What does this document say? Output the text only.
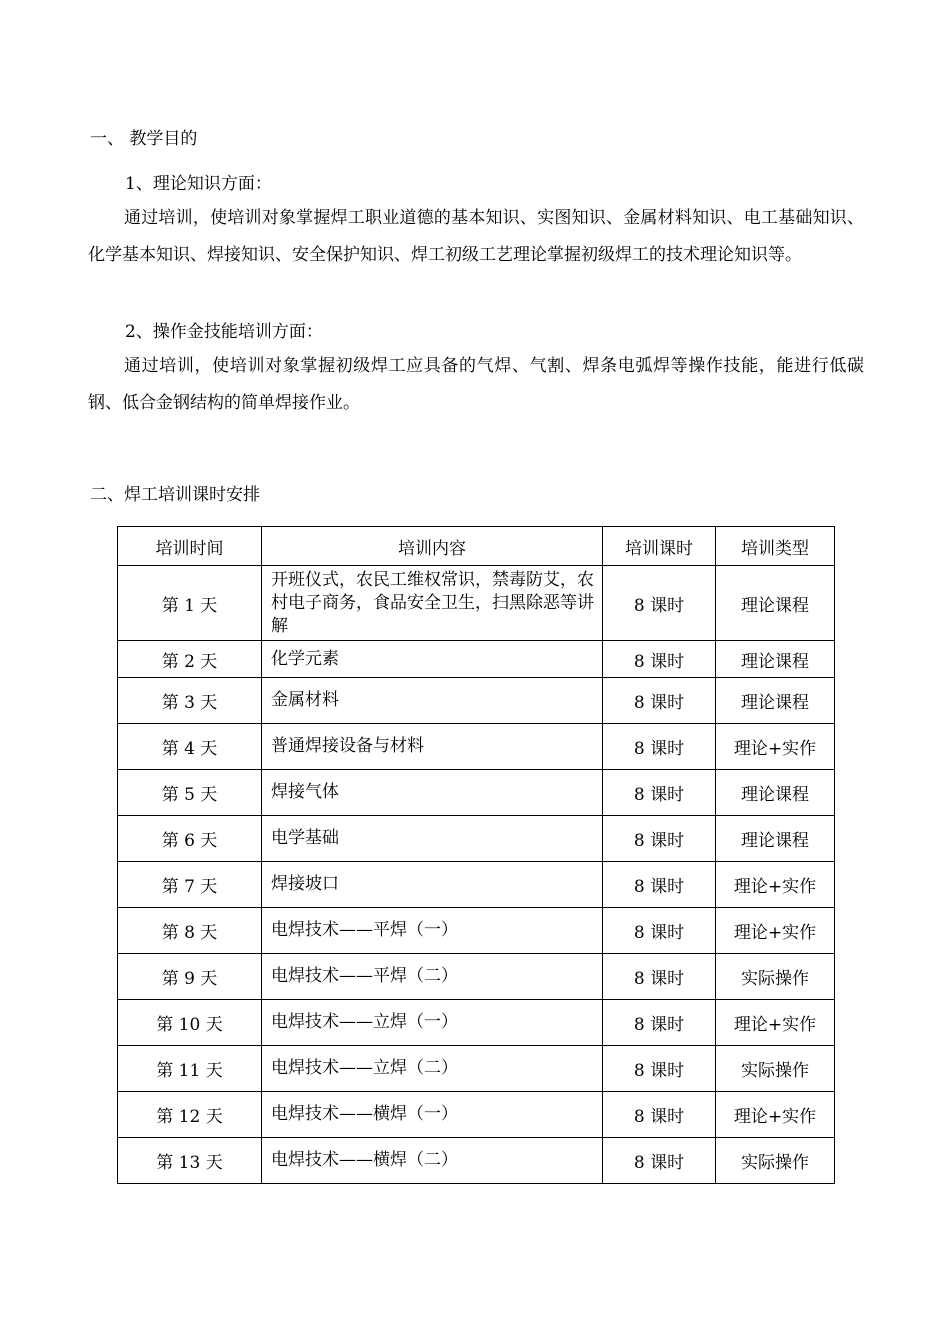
一、 教学目的
1、理论知识方面：
通过培训，使培训对象掌握焊工职业道德的基本知识、实图知识、金属材料知识、电工基础知识、化学基本知识、焊接知识、安全保护知识、焊工初级工艺理论掌握初级焊工的技术理论知识等。
2、操作金技能培训方面：
通过培训，使培训对象掌握初级焊工应具备的气焊、气割、焊条电弧焊等操作技能，能进行低碳钢、低合金钢结构的简单焊接作业。
二、焊工培训课时安排
培训时间	培训内容	培训课时	培训类型
第 1 天	开班仪式，农民工维权常识，禁毒防艾，农村电子商务，食品安全卫生，扫黑除恶等讲解	8 课时	理论课程
第 2 天	化学元素	8 课时	理论课程
第 3 天	金属材料	8 课时	理论课程
第 4 天	普通焊接设备与材料	8 课时	理论+实作
第 5 天	焊接气体	8 课时	理论课程
第 6 天	电学基础	8 课时	理论课程
第 7 天	焊接坡口	8 课时	理论+实作
第 8 天	电焊技术——平焊（一）	8 课时	理论+实作
第 9 天	电焊技术——平焊（二）	8 课时	实际操作
第 10 天	电焊技术——立焊（一）	8 课时	理论+实作
第 11 天	电焊技术——立焊（二）	8 课时	实际操作
第 12 天	电焊技术——横焊（一）	8 课时	理论+实作
第 13 天	电焊技术——横焊（二）	8 课时	实际操作
